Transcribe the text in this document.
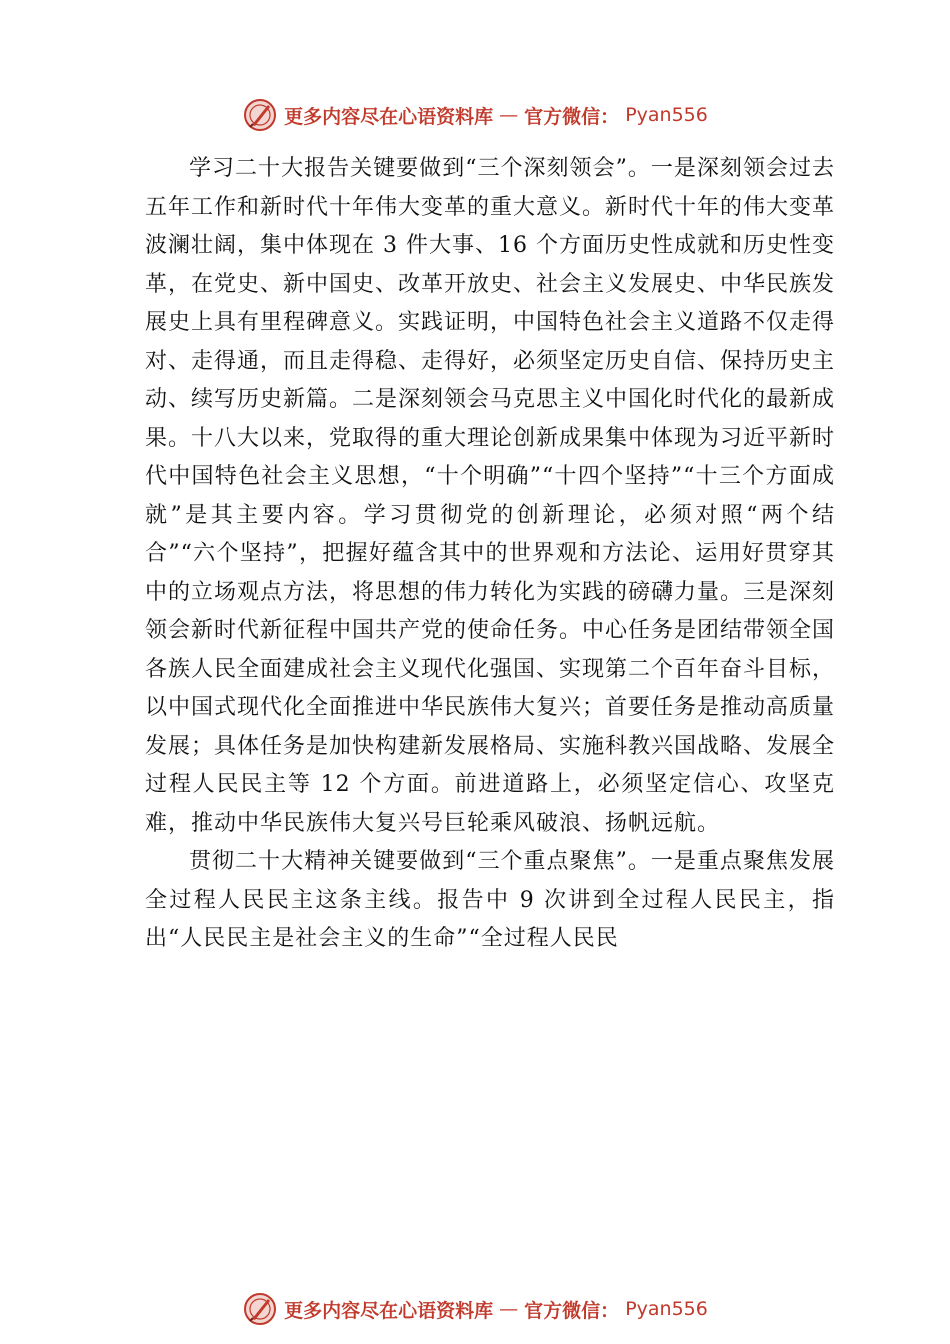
更多内容尽在心语资料库 — 官方微信： Pyan556

学习二十大报告关键要做到“三个深刻领会”。一是深刻领会过去五年工作和新时代十年伟大变革的重大意义。新时代十年的伟大变革波澜壮阔，集中体现在 3 件大事、16 个方面历史性成就和历史性变革，在党史、新中国史、改革开放史、社会主义发展史、中华民族发展史上具有里程碑意义。实践证明，中国特色社会主义道路不仅走得对、走得通，而且走得稳、走得好，必须坚定历史自信、保持历史主动、续写历史新篇。二是深刻领会马克思主义中国化时代化的最新成果。十八大以来，党取得的重大理论创新成果集中体现为习近平新时代中国特色社会主义思想，“十个明确”“十四个坚持”“十三个方面成就”是其主要内容。学习贯彻党的创新理论，必须对照“两个结合”“六个坚持”，把握好蕴含其中的世界观和方法论、运用好贯穿其中的立场观点方法，将思想的伟力转化为实践的磅礴力量。三是深刻领会新时代新征程中国共产党的使命任务。中心任务是团结带领全国各族人民全面建成社会主义现代化强国、实现第二个百年奋斗目标，以中国式现代化全面推进中华民族伟大复兴；首要任务是推动高质量发展；具体任务是加快构建新发展格局、实施科教兴国战略、发展全过程人民民主等 12 个方面。前进道路上，必须坚定信心、攻坚克难，推动中华民族伟大复兴号巨轮乘风破浪、扬帆远航。

贯彻二十大精神关键要做到“三个重点聚焦”。一是重点聚焦发展全过程人民民主这条主线。报告中 9 次讲到全过程人民民主，指出“人民民主是社会主义的生命”“全过程人民民

更多内容尽在心语资料库 — 官方微信： Pyan556
